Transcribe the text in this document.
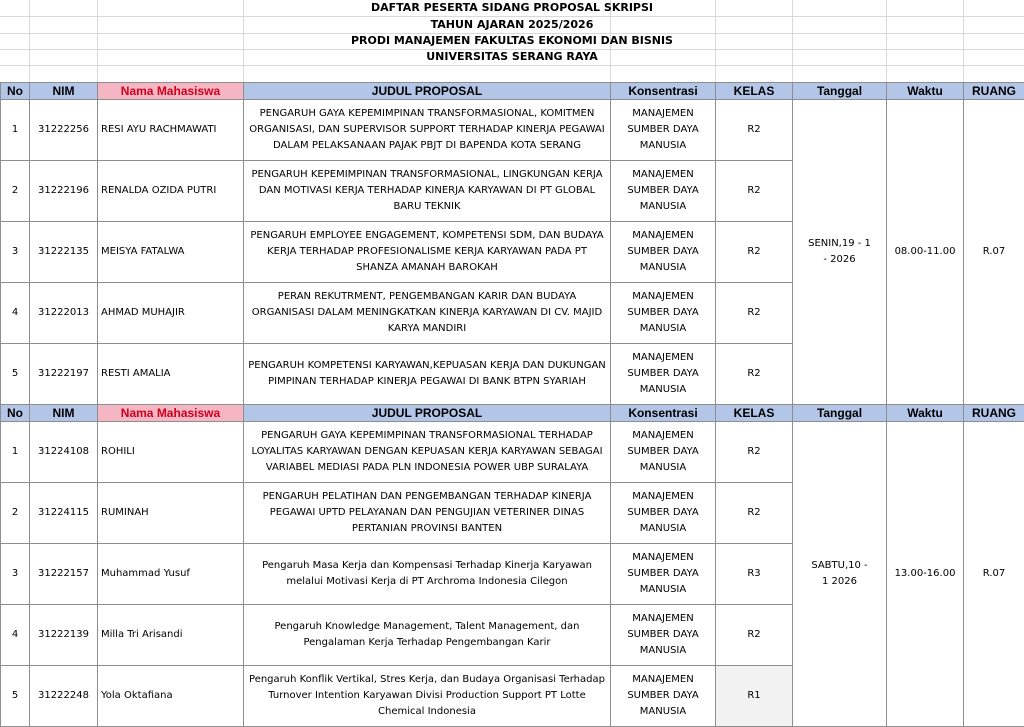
DAFTAR PESERTA SIDANG PROPOSAL SKRIPSI
TAHUN AJARAN 2025/2026
PRODI MANAJEMEN FAKULTAS EKONOMI DAN BISNIS
UNIVERSITAS SERANG RAYA
No	NIM	Nama Mahasiswa	JUDUL PROPOSAL	Konsentrasi	KELAS	Tanggal	Waktu	RUANG
1	31222256	RESI AYU RACHMAWATI	PENGARUH GAYA KEPEMIMPINAN TRANSFORMASIONAL, KOMITMEN ORGANISASI, DAN SUPERVISOR SUPPORT TERHADAP KINERJA PEGAWAI DALAM PELAKSANAAN PAJAK PBJT DI BAPENDA KOTA SERANG	MANAJEMEN SUMBER DAYA MANUSIA	R2	SENIN,19 - 1 - 2026	08.00-11.00	R.07
2	31222196	RENALDA OZIDA PUTRI	PENGARUH KEPEMIMPINAN TRANSFORMASIONAL, LINGKUNGAN KERJA DAN MOTIVASI KERJA TERHADAP KINERJA KARYAWAN DI PT GLOBAL BARU TEKNIK	MANAJEMEN SUMBER DAYA MANUSIA	R2			
3	31222135	MEISYA FATALWA	PENGARUH EMPLOYEE ENGAGEMENT, KOMPETENSI SDM, DAN BUDAYA KERJA TERHADAP PROFESIONALISME KERJA KARYAWAN PADA PT SHANZA AMANAH BAROKAH	MANAJEMEN SUMBER DAYA MANUSIA	R2			
4	31222013	AHMAD MUHAJIR	PERAN REKUTRMENT, PENGEMBANGAN KARIR DAN BUDAYA ORGANISASI DALAM MENINGKATKAN KINERJA KARYAWAN DI CV. MAJID KARYA MANDIRI	MANAJEMEN SUMBER DAYA MANUSIA	R2			
5	31222197	RESTI AMALIA	PENGARUH KOMPETENSI KARYAWAN,KEPUASAN KERJA DAN DUKUNGAN PIMPINAN TERHADAP KINERJA PEGAWAI DI BANK BTPN SYARIAH	MANAJEMEN SUMBER DAYA MANUSIA	R2			
No	NIM	Nama Mahasiswa	JUDUL PROPOSAL	Konsentrasi	KELAS	Tanggal	Waktu	RUANG
1	31224108	ROHILI	PENGARUH GAYA KEPEMIMPINAN TRANSFORMASIONAL TERHADAP LOYALITAS KARYAWAN DENGAN KEPUASAN KERJA KARYAWAN SEBAGAI VARIABEL MEDIASI PADA PLN INDONESIA POWER UBP SURALAYA	MANAJEMEN SUMBER DAYA MANUSIA	R2	SABTU,10 - 1 2026	13.00-16.00	R.07
2	31224115	RUMINAH	PENGARUH PELATIHAN DAN PENGEMBANGAN TERHADAP KINERJA PEGAWAI UPTD PELAYANAN DAN PENGUJIAN VETERINER DINAS PERTANIAN PROVINSI BANTEN	MANAJEMEN SUMBER DAYA MANUSIA	R2			
3	31222157	Muhammad Yusuf	Pengaruh Masa Kerja dan Kompensasi Terhadap Kinerja Karyawan melalui Motivasi Kerja di PT Archroma Indonesia Cilegon	MANAJEMEN SUMBER DAYA MANUSIA	R3			
4	31222139	Milla Tri Arisandi	Pengaruh Knowledge Management, Talent Management, dan Pengalaman Kerja Terhadap Pengembangan Karir	MANAJEMEN SUMBER DAYA MANUSIA	R2			
5	31222248	Yola Oktafiana	Pengaruh Konflik Vertikal, Stres Kerja, dan Budaya Organisasi Terhadap Turnover Intention Karyawan Divisi Production Support PT Lotte Chemical Indonesia	MANAJEMEN SUMBER DAYA MANUSIA	R1			
